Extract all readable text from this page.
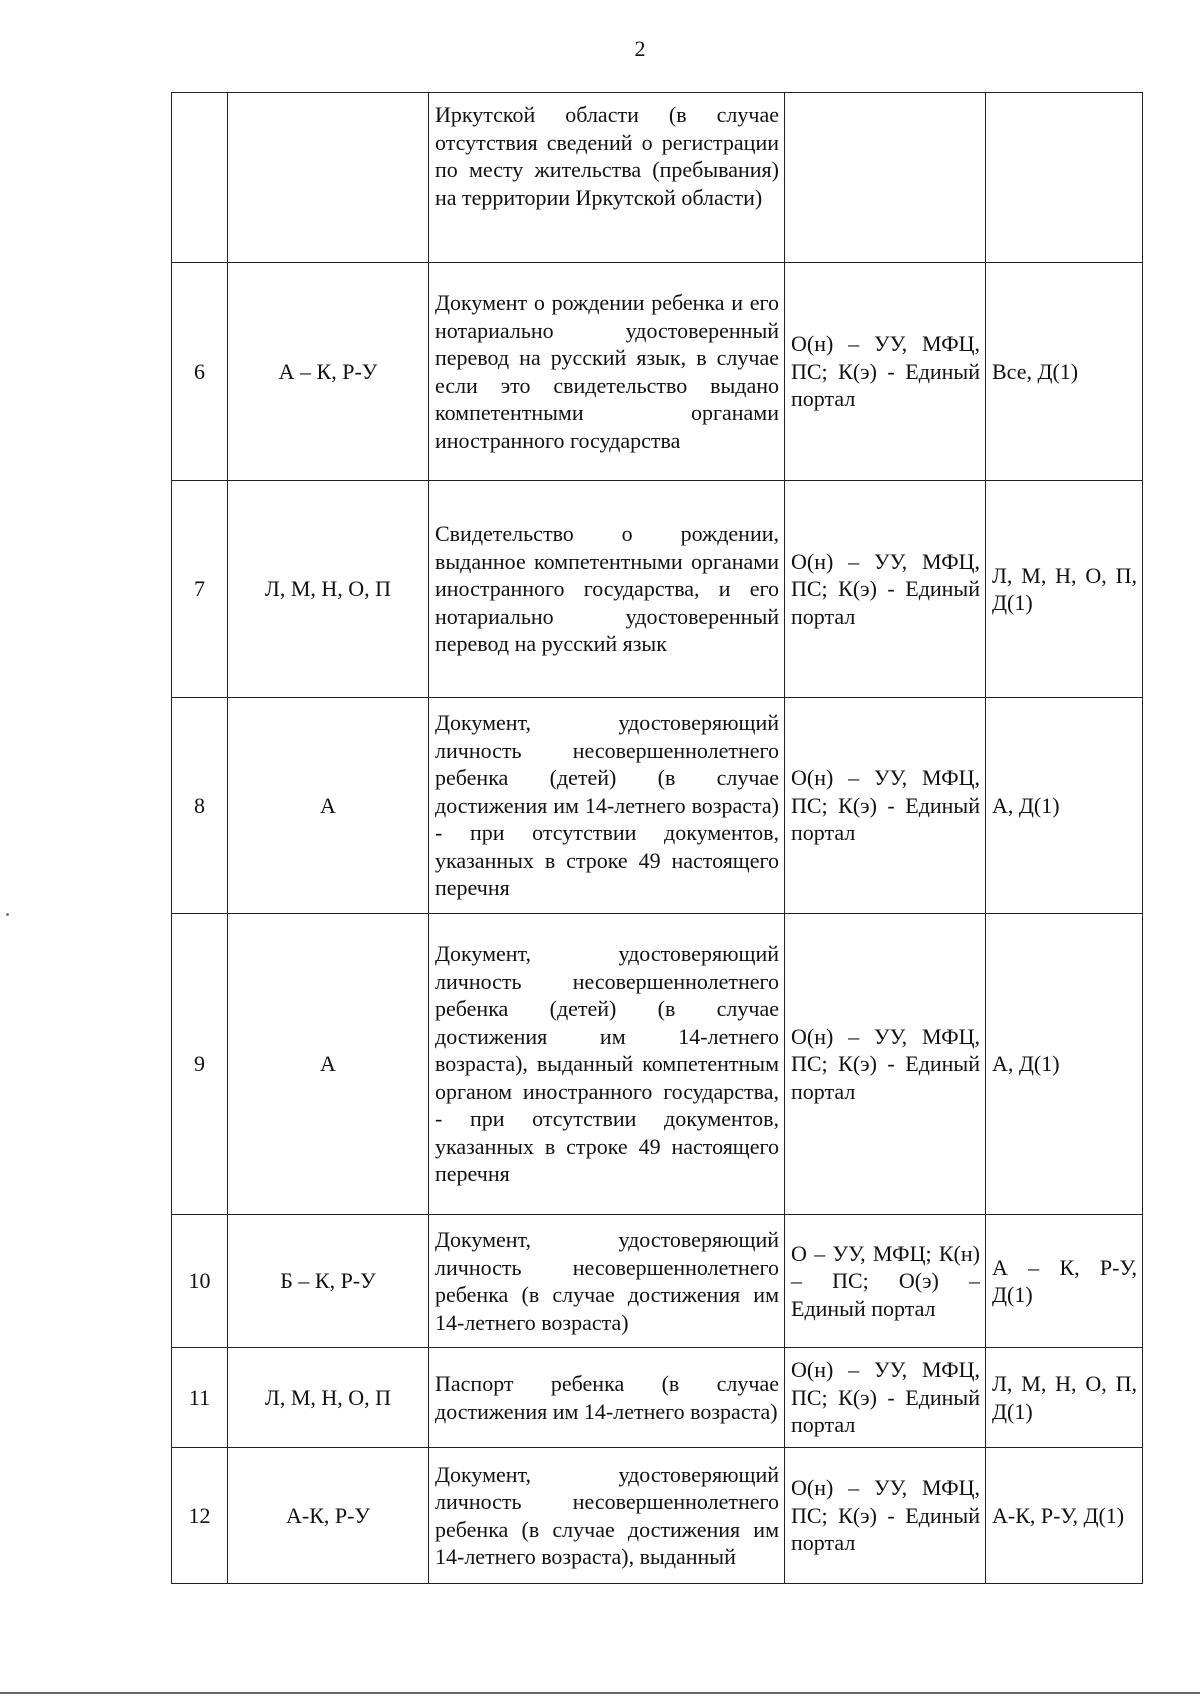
2
		Иркутской области (в случае отсутствия сведений о регистрации по месту жительства (пребывания) на территории Иркутской области)		
6	А – К, Р-У	Документ о рождении ребенка и его нотариально удостоверенный перевод на русский язык, в случае если это свидетельство выдано компетентными органами иностранного государства	О(н) – УУ, МФЦ, ПС; К(э) - Единый портал	Все, Д(1)
7	Л, М, Н, О, П	Свидетельство о рождении, выданное компетентными органами иностранного государства, и его нотариально удостоверенный перевод на русский язык	О(н) – УУ, МФЦ, ПС; К(э) - Единый портал	Л, М, Н, О, П, Д(1)
8	А	Документ, удостоверяющий личность несовершеннолетнего ребенка (детей) (в случае достижения им 14-летнего возраста) - при отсутствии документов, указанных в строке 49 настоящего перечня	О(н) – УУ, МФЦ, ПС; К(э) - Единый портал	А, Д(1)
9	А	Документ, удостоверяющий личность несовершеннолетнего ребенка (детей) (в случае достижения им 14-летнего возраста), выданный компетентным органом иностранного государства, - при отсутствии документов, указанных в строке 49 настоящего перечня	О(н) – УУ, МФЦ, ПС; К(э) - Единый портал	А, Д(1)
10	Б – К, Р-У	Документ, удостоверяющий личность несовершеннолетнего ребенка (в случае достижения им 14-летнего возраста)	О – УУ, МФЦ; К(н) – ПС; О(э) – Единый портал	А – К, Р-У, Д(1)
11	Л, М, Н, О, П	Паспорт ребенка (в случае достижения им 14-летнего возраста)	О(н) – УУ, МФЦ, ПС; К(э) - Единый портал	Л, М, Н, О, П, Д(1)
12	А-К, Р-У	Документ, удостоверяющий личность несовершеннолетнего ребенка (в случае достижения им 14-летнего возраста), выданный	О(н) – УУ, МФЦ, ПС; К(э) - Единый портал	А-К, Р-У, Д(1)
